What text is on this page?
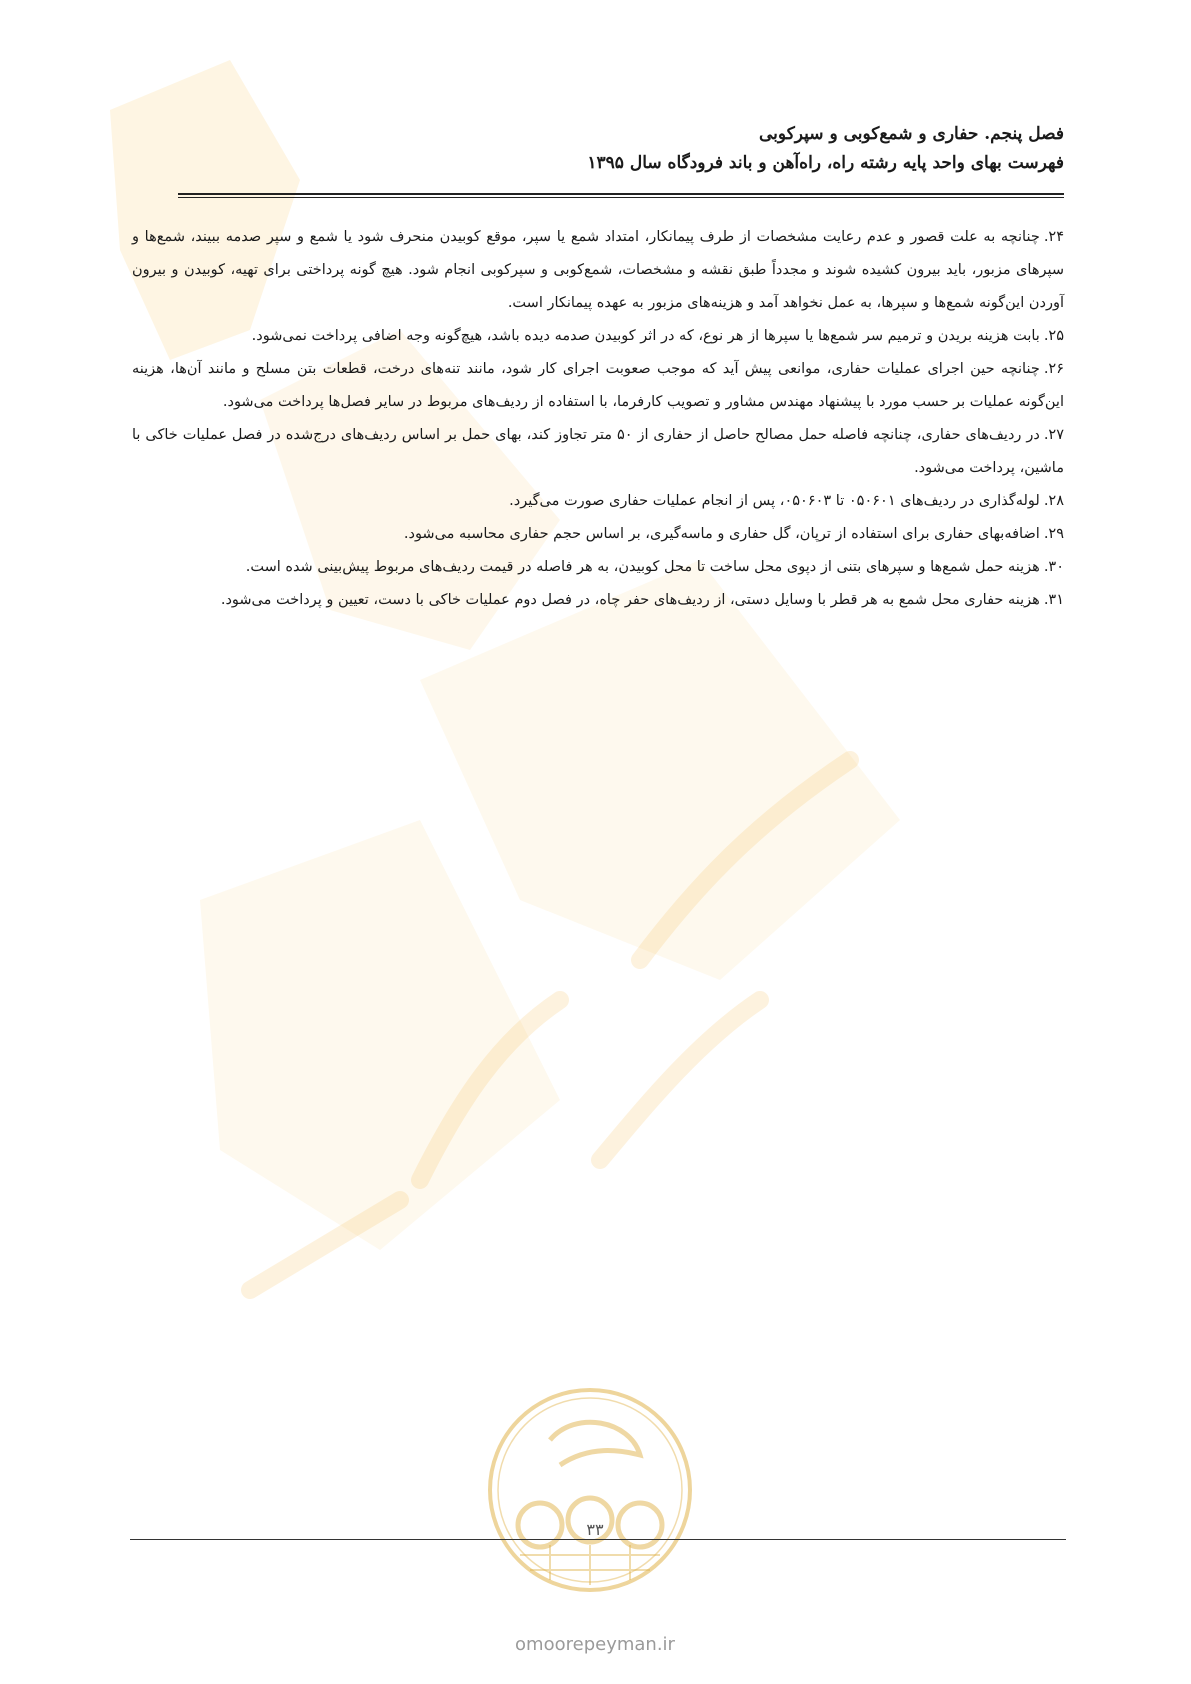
فصل پنجم. حفاری و شمع‌کوبی و سپرکوبی
فهرست بهای واحد پایه رشته راه، راه‌آهن و باند فرودگاه سال ۱۳۹۵

۲۴.چنانچه به علت قصور و عدم رعایت مشخصات از طرف پیمانکار، امتداد شمع یا سپر، موقع کوبیدن منحرف شود یا شمع و سپر صدمه ببیند، شمع‌ها و سپرهای مزبور، باید بیرون کشیده شوند و مجدداً طبق نقشه و مشخصات، شمع‌کوبی و سپرکوبی انجام شود. هیچ گونه پرداختی برای تهیه، کوبیدن و بیرون آوردن این‌گونه شمع‌ها و سپرها، به عمل نخواهد آمد و هزینه‌های مزبور به عهده پیمانکار است.

۲۵.بابت هزینه بریدن و ترمیم سر شمع‌ها یا سپرها از هر نوع، که در اثر کوبیدن صدمه دیده باشد، هیچ‌گونه وجه اضافی پرداخت نمی‌شود.

۲۶.چنانچه حین اجرای عملیات حفاری، موانعی پیش آید که موجب صعوبت اجرای کار شود، مانند تنه‌های درخت، قطعات بتن مسلح و مانند آن‌ها، هزینه این‌گونه عملیات بر حسب مورد با پیشنهاد مهندس مشاور و تصویب کارفرما، با استفاده از ردیف‌های مربوط در سایر فصل‌ها پرداخت می‌شود.

۲۷.در ردیف‌های حفاری، چنانچه فاصله حمل مصالح حاصل از حفاری از ۵۰ متر تجاوز کند، بهای حمل بر اساس ردیف‌های درج‌شده در فصل عملیات خاکی با ماشین، پرداخت می‌شود.

۲۸.لوله‌گذاری در ردیف‌های ۰۵۰۶۰۱ تا ۰۵۰۶۰۳، پس از انجام عملیات حفاری صورت می‌گیرد.

۲۹.اضافه‌بهای حفاری برای استفاده از ترپان، گل حفاری و ماسه‌گیری، بر اساس حجم حفاری محاسبه می‌شود.

۳۰.هزینه حمل شمع‌ها و سپرهای بتنی از دپوی محل ساخت تا محل کوبیدن، به هر فاصله در قیمت ردیف‌های مربوط پیش‌بینی شده است.

۳۱.هزینه حفاری محل شمع به هر قطر با وسایل دستی، از ردیف‌های حفر چاه، در فصل دوم عملیات خاکی با دست، تعیین و پرداخت می‌شود.

۳۳
omoorepeyman.ir
